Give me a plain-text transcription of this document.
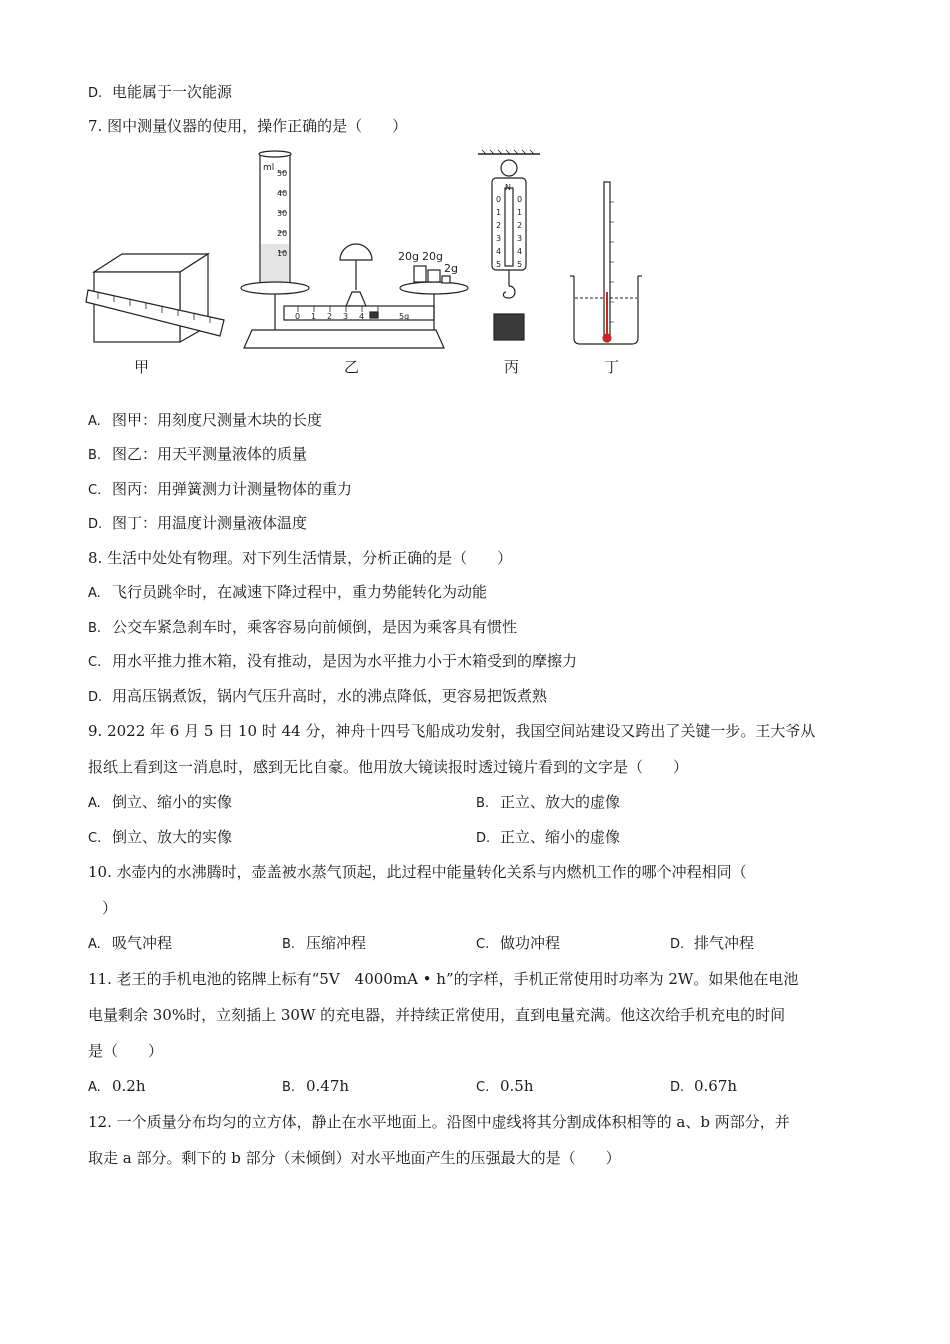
D. 电能属于一次能源
7. 图中测量仪器的使用，操作正确的是（　　）
ml
50
40
30
20
10	20g 20g
2g
0 1 2 3 4	5g
N
0
1
2
3
4
5
0
1
2
3
4
5
甲	乙	丙	丁
A. 图甲：用刻度尺测量木块的长度
B. 图乙：用天平测量液体的质量
C. 图丙：用弹簧测力计测量物体的重力
D. 图丁：用温度计测量液体温度
8. 生活中处处有物理。对下列生活情景，分析正确的是（　　）
A. 飞行员跳伞时，在减速下降过程中，重力势能转化为动能
B. 公交车紧急刹车时，乘客容易向前倾倒，是因为乘客具有惯性
C. 用水平推力推木箱，没有推动，是因为水平推力小于木箱受到的摩擦力
D. 用高压锅煮饭，锅内气压升高时，水的沸点降低，更容易把饭煮熟
9. 2022 年 6 月 5 日 10 时 44 分，神舟十四号飞船成功发射，我国空间站建设又跨出了关键一步。王大爷从
报纸上看到这一消息时，感到无比自豪。他用放大镜读报时透过镜片看到的文字是（　　）
A. 倒立、缩小的实像	B. 正立、放大的虚像
C. 倒立、放大的实像	D. 正立、缩小的虚像
10. 水壶内的水沸腾时，壶盖被水蒸气顶起，此过程中能量转化关系与内燃机工作的哪个冲程相同（
）
A. 吸气冲程	B. 压缩冲程	C. 做功冲程	D. 排气冲程
11. 老王的手机电池的铭牌上标有“5V　4000mA • h”的字样，手机正常使用时功率为 2W。如果他在电池
电量剩余 30%时，立刻插上 30W 的充电器，并持续正常使用，直到电量充满。他这次给手机充电的时间
是（　　）
A. 0.2h	B. 0.47h	C. 0.5h	D. 0.67h
12. 一个质量分布均匀的立方体，静止在水平地面上。沿图中虚线将其分割成体积相等的 a、b 两部分，并
取走 a 部分。剩下的 b 部分（未倾倒）对水平地面产生的压强最大的是（　　）
